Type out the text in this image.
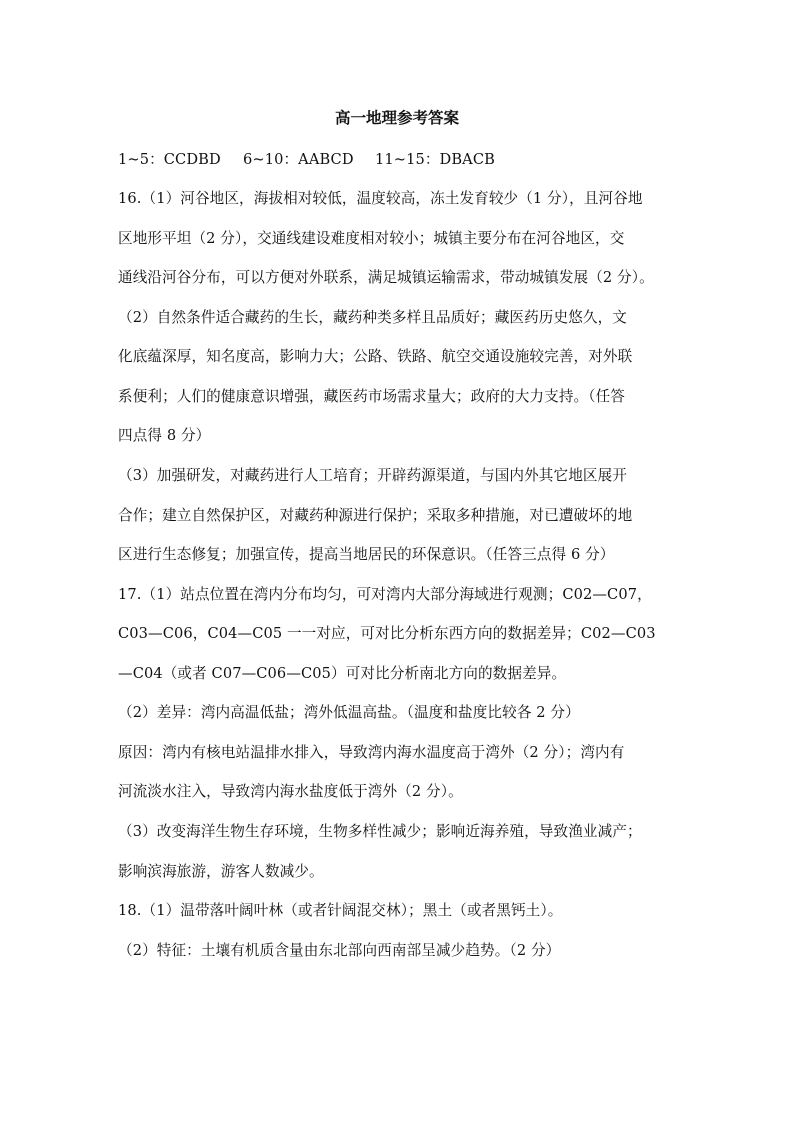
高一地理参考答案
1~5：CCDBD 6~10：AABCD 11~15：DBACB
16.（1）河谷地区，海拔相对较低，温度较高，冻土发育较少（1 分），且河谷地
区地形平坦（2 分），交通线建设难度相对较小；城镇主要分布在河谷地区，交
通线沿河谷分布，可以方便对外联系，满足城镇运输需求，带动城镇发展（2 分）。
（2）自然条件适合藏药的生长，藏药种类多样且品质好；藏医药历史悠久，文
化底蕴深厚，知名度高，影响力大；公路、铁路、航空交通设施较完善，对外联
系便利；人们的健康意识增强，藏医药市场需求量大；政府的大力支持。（任答
四点得 8 分）
（3）加强研发，对藏药进行人工培育；开辟药源渠道，与国内外其它地区展开
合作；建立自然保护区，对藏药种源进行保护；采取多种措施，对已遭破坏的地
区进行生态修复；加强宣传，提高当地居民的环保意识。（任答三点得 6 分）
17.（1）站点位置在湾内分布均匀，可对湾内大部分海域进行观测；C02—C07，
C03—C06，C04—C05 一一对应，可对比分析东西方向的数据差异；C02—C03
—C04（或者 C07—C06—C05）可对比分析南北方向的数据差异。
（2）差异：湾内高温低盐；湾外低温高盐。（温度和盐度比较各 2 分）
原因：湾内有核电站温排水排入，导致湾内海水温度高于湾外（2 分）；湾内有
河流淡水注入，导致湾内海水盐度低于湾外（2 分）。
（3）改变海洋生物生存环境，生物多样性减少；影响近海养殖，导致渔业减产；
影响滨海旅游，游客人数减少。
18.（1）温带落叶阔叶林（或者针阔混交林）；黑土（或者黑钙土）。
（2）特征：土壤有机质含量由东北部向西南部呈减少趋势。（2 分）
